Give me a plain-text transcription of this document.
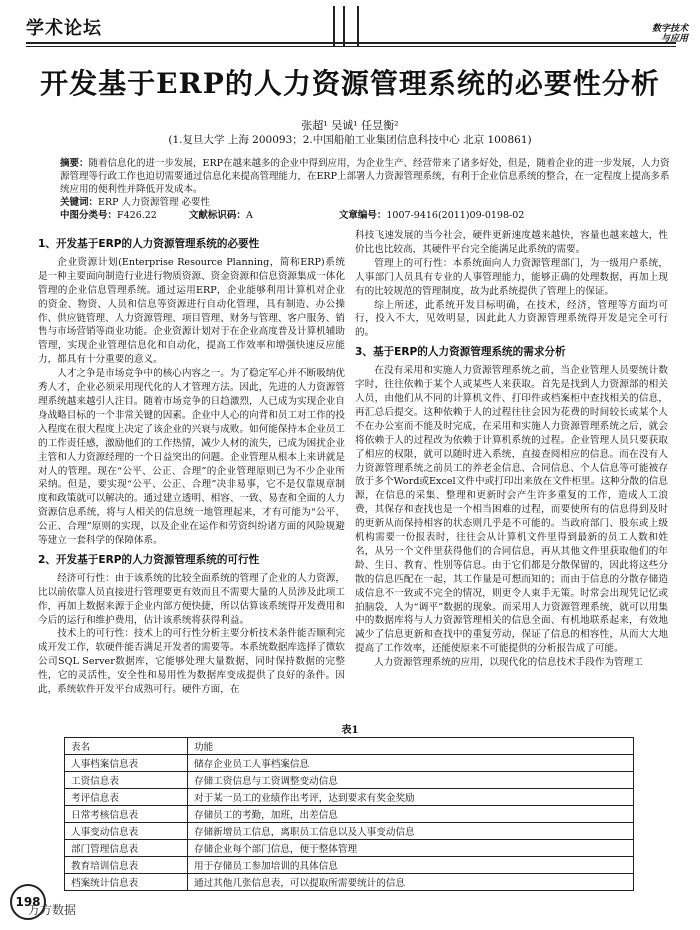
学术论坛	数字技术
与应用
开发基于ERP的人力资源管理系统的必要性分析
张超¹ 吴诚¹ 任昱衡²
(1.复旦大学 上海 200093；2.中国船舶工业集团信息科技中心 北京 100861)
摘要：随着信息化的进一步发展，ERP在越来越多的企业中得到应用，为企业生产、经营带来了诸多好处，但是，随着企业的进一步发展，人力资源管理等行政工作也迫切需要通过信息化来提高管理能力，在ERP上部署人力资源管理系统，有利于企业信息系统的整合，在一定程度上提高多系统应用的便利性并降低开发成本。
关键词：ERP 人力资源管理 必要性
中图分类号：F426.22	文献标识码：A	文章编号：1007-9416(2011)09-0198-02
1、开发基于ERP的人力资源管理系统的必要性

企业资源计划(Enterprise Resource Planning，简称ERP)系统是一种主要面向制造行业进行物质资源、资金资源和信息资源集成一体化管理的企业信息管理系统。通过运用ERP，企业能够利用计算机对企业的资金、物资、人员和信息等资源进行自动化管理，具有制造、办公操作、供应链管理、人力资源管理、项目管理、财务与管理、客户服务、销售与市场营销等商业功能。企业资源计划对于在企业高度普及计算机辅助管理，实现企业管理信息化和自动化，提高工作效率和增强快速反应能力，都具有十分重要的意义。

人才之争是市场竞争中的核心内容之一。为了稳定军心并不断吸纳优秀人才，企业必须采用现代化的人才管理方法。因此，先进的人力资源管理系统越来越引人注目。随着市场竞争的日趋激烈，人已成为实现企业自身战略目标的一个非常关键的因素。企业中人心的向背和员工对工作的投入程度在很大程度上决定了该企业的兴衰与成败。如何能保持本企业员工的工作责任感，激励他们的工作热情，减少人材的流失，已成为困扰企业主管和人力资源经理的一个日益突出的问题。企业管理从根本上来讲就是对人的管理。现在“公平、公正、合理”的企业管理原则已为不少企业所采纳。但是，要实现“公平、公正、合理”决非易事，它不是仅靠规章制度和政策就可以解决的。通过建立透明、相容、一致、易查和全面的人力资源信息系统，将与人相关的信息统一地管理起来，才有可能为“公平、公正、合理”原则的实现，以及企业在运作和劳资纠纷诸方面的风险规避等建立一套科学的保障体系。

2、开发基于ERP的人力资源管理系统的可行性

经济可行性：由于该系统的比较全面系统的管理了企业的人力资源，比以前依靠人员直接进行管理要更有效而且不需要大量的人员涉及此项工作，再加上数据来源于企业内部方便快捷，所以估算该系统得开发费用和今后的运行和维护费用，估计该系统将获得利益。

技术上的可行性：技术上的可行性分析主要分析技术条件能否顺利完成开发工作，软硬件能否满足开发者的需要等。本系统数据库选择了微软公司SQL Server数据库，它能够处理大量数据，同时保持数据的完整性，它的灵活性，安全性和易用性为数据库变成提供了良好的条件。因此，系统软件开发平台成熟可行。硬件方面，在

科技飞速发展的当今社会，硬件更新速度越来越快，容量也越来越大，性价比也比较高，其硬件平台完全能满足此系统的需要。

管理上的可行性：本系统面向人力资源管理部门，为一级用户系统，人事部门人员具有专业的人事管理能力，能够正确的处理数据，再加上现有的比较规范的管理制度，故为此系统提供了管理上的保证。

综上所述，此系统开发目标明确，在技术，经济，管理等方面均可行，投入不大，见效明显，因此此人力资源管理系统得开发是完全可行的。

3、基于ERP的人力资源管理系统的需求分析

在没有采用和实施人力资源管理系统之前，当企业管理人员要统计数字时，往往依赖于某个人或某些人来获取。首先是找到人力资源部的相关人员，由他们从不同的计算机文件、打印件或档案柜中查找相关的信息，再汇总后提交。这种依赖于人的过程往往会因为花费的时间较长或某个人不在办公室而不能及时完成，在采用和实施人力资源管理系统之后，就会将依赖于人的过程改为依赖于计算机系统的过程。企业管理人员只要获取了相应的权限，就可以随时进入系统，直接查阅相应的信息。而在没有人力资源管理系统之前员工的养老金信息、合同信息、个人信息等可能被存放于多个Word或Excel文件中或打印出来放在文件柜里。这种分散的信息源，在信息的采集、整理和更新时会产生许多重复的工作，造成人工浪费，其保存和查找也是一个相当困难的过程，而要使所有的信息得到及时的更新从而保持相容的状态则几乎是不可能的。当政府部门、股东或上级机构需要一份报表时，往往会从计算机文件里得到最新的员工人数和姓名，从另一个文件里获得他们的合同信息，再从其他文件里获取他们的年龄、生日、教育、性别等信息。由于它们都是分散保留的，因此将这些分散的信息匹配在一起，其工作量是可想而知的；而由于信息的分散存储造成信息不一致或不完全的情况，则更令人束手无策。时常会出现凭记忆或拍脑袋，人为“调平”数据的现象。而采用人力资源管理系统，就可以用集中的数据库将与人力资源管理相关的信息全面、有机地联系起来，有效地减少了信息更新和查找中的重复劳动，保证了信息的相容性，从而大大地提高了工作效率，还能使原来不可能提供的分析报告成了可能。

人力资源管理系统的应用，以现代化的信息技术手段作为管理工

表1
表名	功能
人事档案信息表	储存企业员工人事档案信息
工资信息表	存储工资信息与工资调整变动信息
考评信息表	对于某一员工的业绩作出考评，达到要求有奖金奖励
日常考核信息表	存储员工的考勤，加班，出差信息
人事变动信息表	存储新增员工信息，离职员工信息以及人事变动信息
部门管理信息表	存储企业每个部门信息，便于整体管理
教育培训信息表	用于存储员工参加培训的具体信息
档案统计信息表	通过其他几张信息表，可以提取所需要统计的信息
198
万方数据
